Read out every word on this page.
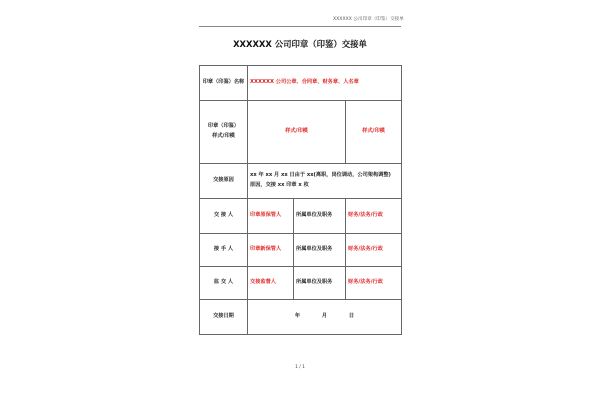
XXXXXX 公司印章（印鉴）交接单
XXXXXX 公司印章（印鉴）交接单
印章（印鉴）名称	XXXXXX 公司公章、合同章、财务章、人名章		

印章（印鉴）
样式/印模	样式/印模		样式/印模
交接原因	xx 年 xx 月 xx 日由于 xx(离职，岗位调动，公司架构调整)
原因，交接 xx 印章 x 枚		

交 接 人	印章原保管人	所属单位及职务	财务/法务/行政
接 手 人	印章新保管人	所属单位及职务	财务/法务/行政
监 交 人	交接监督人	所属单位及职务	财务/法务/行政
交接日期	年 月 日		
1 / 1
